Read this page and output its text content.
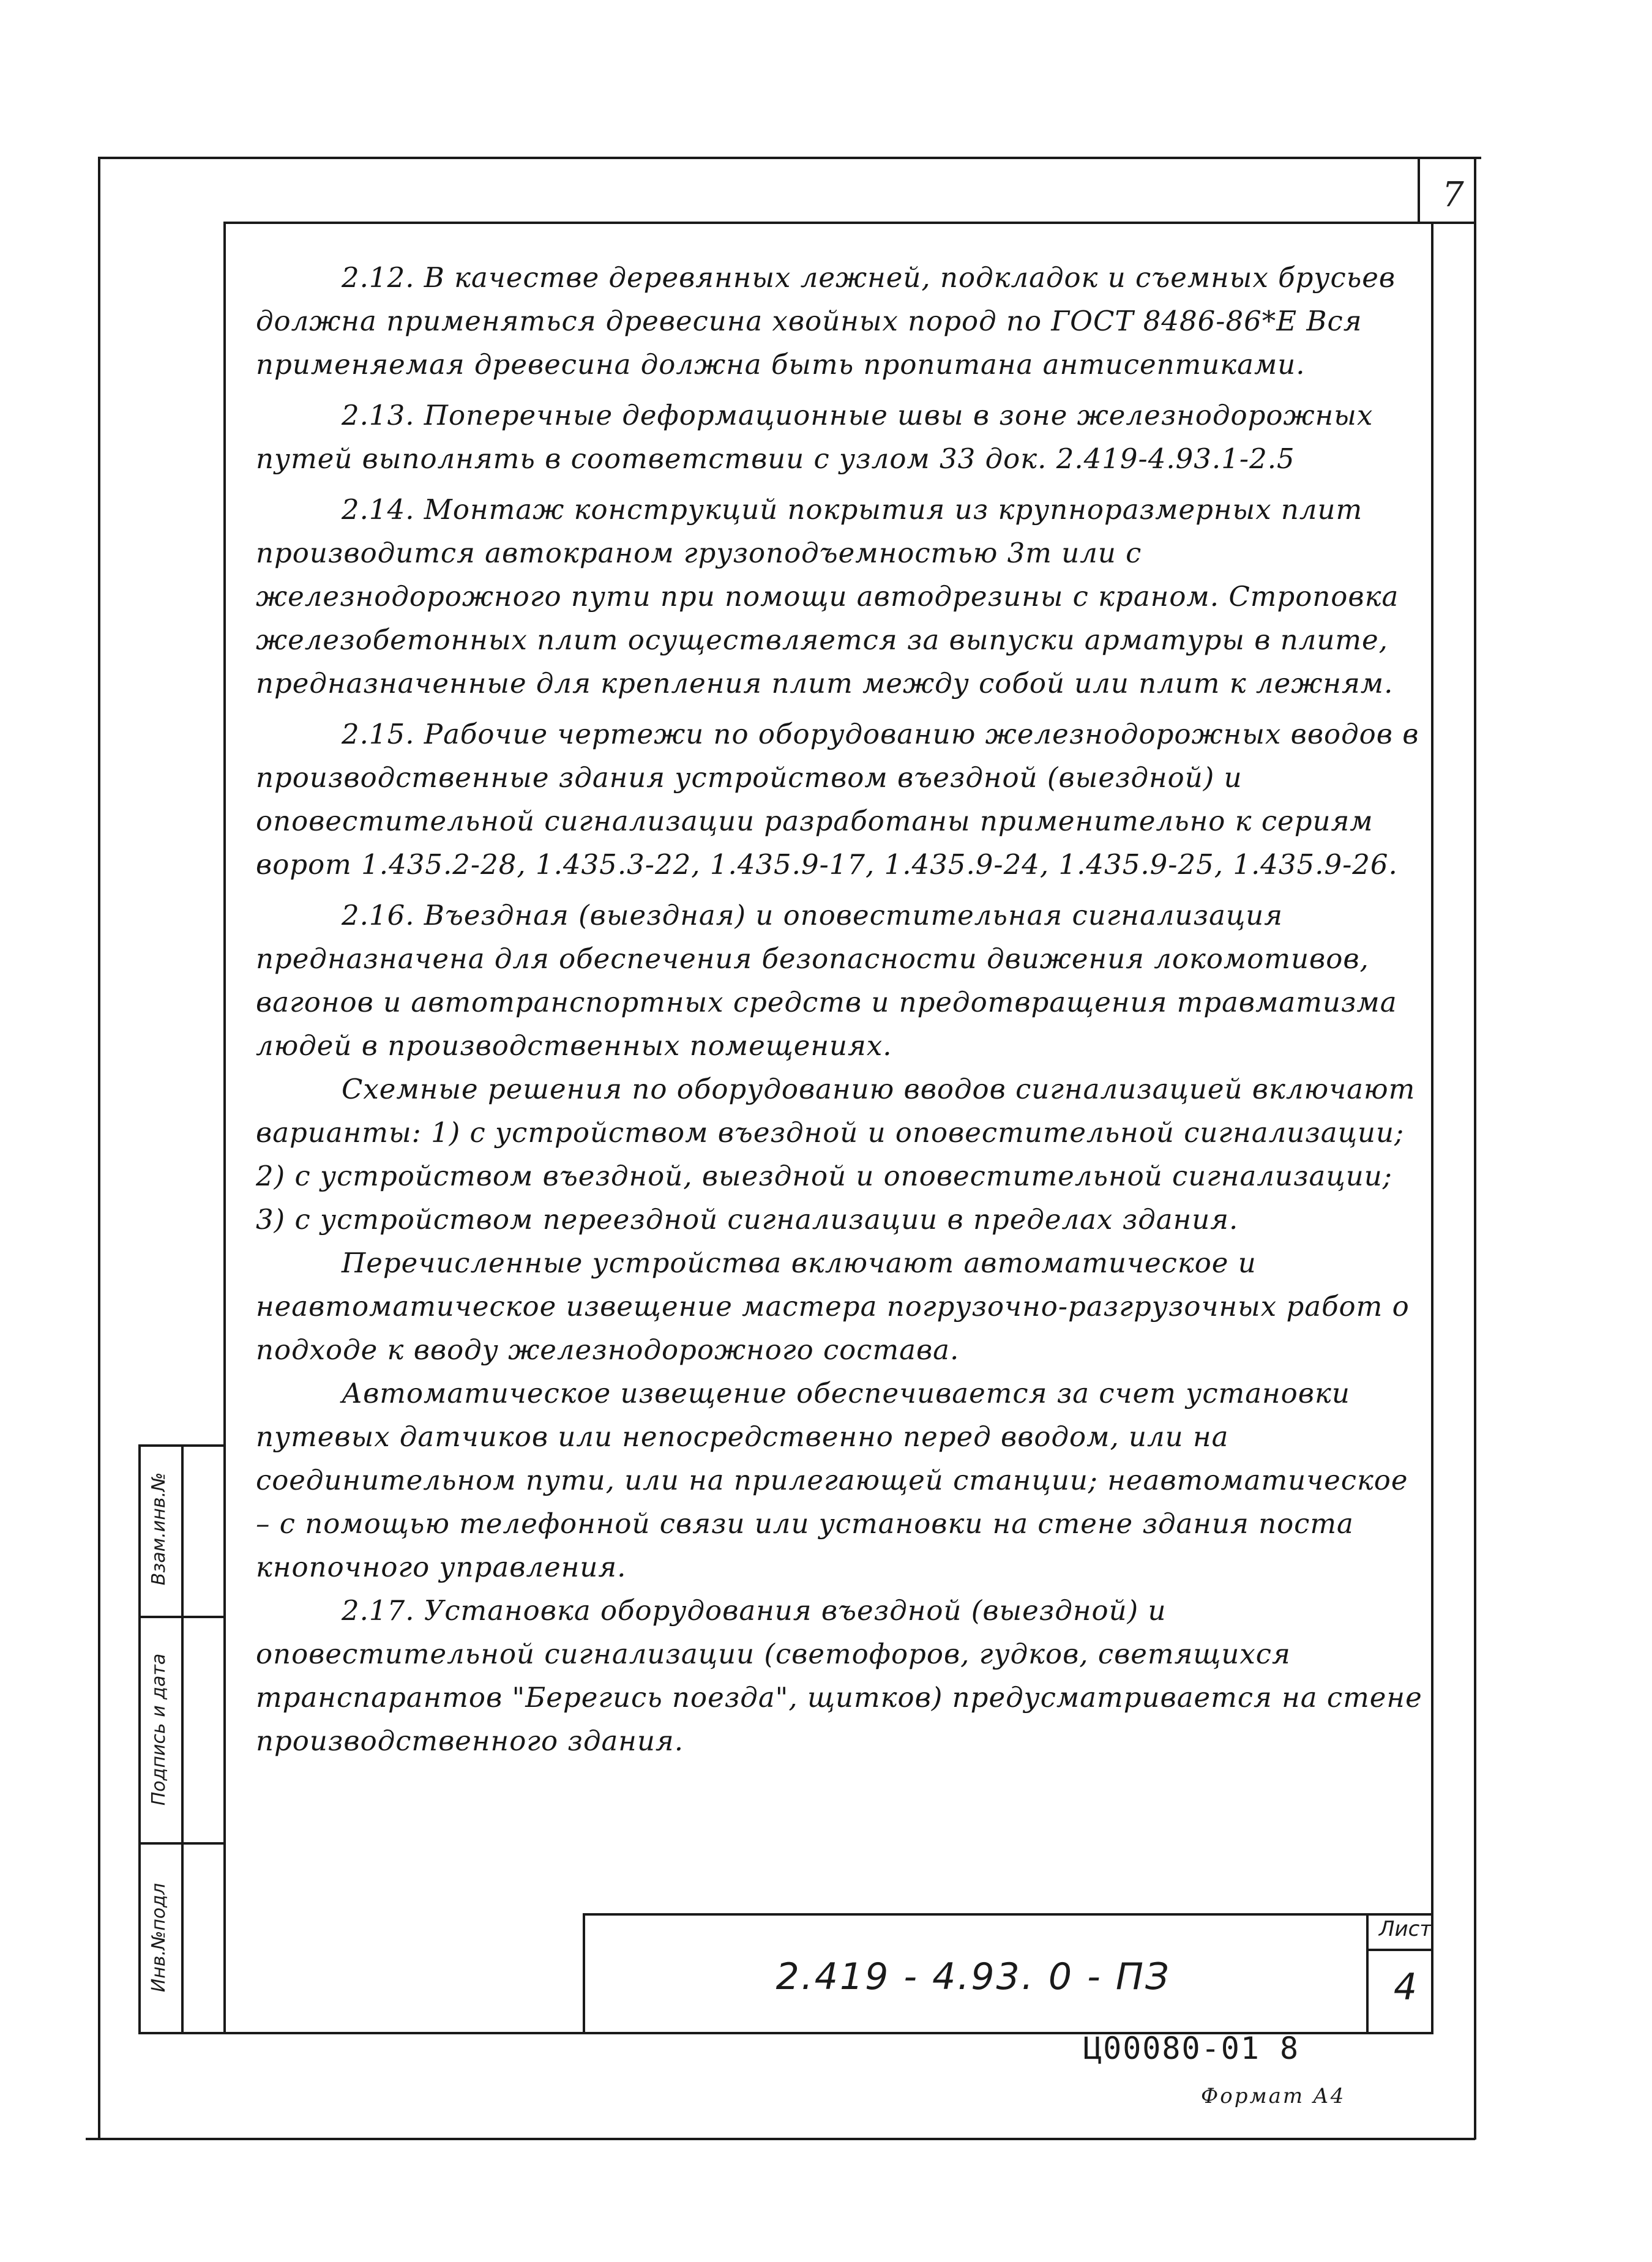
7
Взам.инв.№
Подпись и дата
Инв.№подл

2.12. В качестве деревянных лежней, подкладок и съемных брусьев должна применяться древесина хвойных пород по ГОСТ 8486-86*Е Вся применяемая древесина должна быть пропитана антисептиками.

2.13. Поперечные деформационные швы в зоне железнодорожных путей выполнять в соответствии с узлом 33 док. 2.419-4.93.1-2.5

2.14. Монтаж конструкций покрытия из крупноразмерных плит производится автокраном грузоподъемностью 3т или с железнодорожного пути при помощи автодрезины с краном. Строповка железобетонных плит осуществляется за выпуски арматуры в плите, предназначенные для крепления плит между собой или плит к лежням.

2.15. Рабочие чертежи по оборудованию железнодорожных вводов в производственные здания устройством въездной (выездной) и оповестительной сигнализации разработаны применительно к сериям ворот 1.435.2-28, 1.435.3-22, 1.435.9-17, 1.435.9-24, 1.435.9-25, 1.435.9-26.

2.16. Въездная (выездная) и оповестительная сигнализация предназначена для обеспечения безопасности движения локомотивов, вагонов и автотранспортных средств и предотвращения травматизма людей в производственных помещениях.

Схемные решения по оборудованию вводов сигнализацией включают варианты: 1) с устройством въездной и оповестительной сигнализации; 2) с устройством въездной, выездной и оповестительной сигнализации; 3) с устройством переездной сигнализации в пределах здания.

Перечисленные устройства включают автоматическое и неавтоматическое извещение мастера погрузочно-разгрузочных работ о подходе к вводу железнодорожного состава.

Автоматическое извещение обеспечивается за счет установки путевых датчиков или непосредственно перед вводом, или на соединительном пути, или на прилегающей станции; неавтоматическое – с помощью телефонной связи или установки на стене здания поста кнопочного управления.

2.17. Установка оборудования въездной (выездной) и оповестительной сигнализации (светофоров, гудков, светящихся транспарантов "Берегись поезда", щитков) предусматривается на стене производственного здания.

2.419 - 4.93. 0 - ПЗ
Лист
4
Ц00080-01 8
Формат А4
